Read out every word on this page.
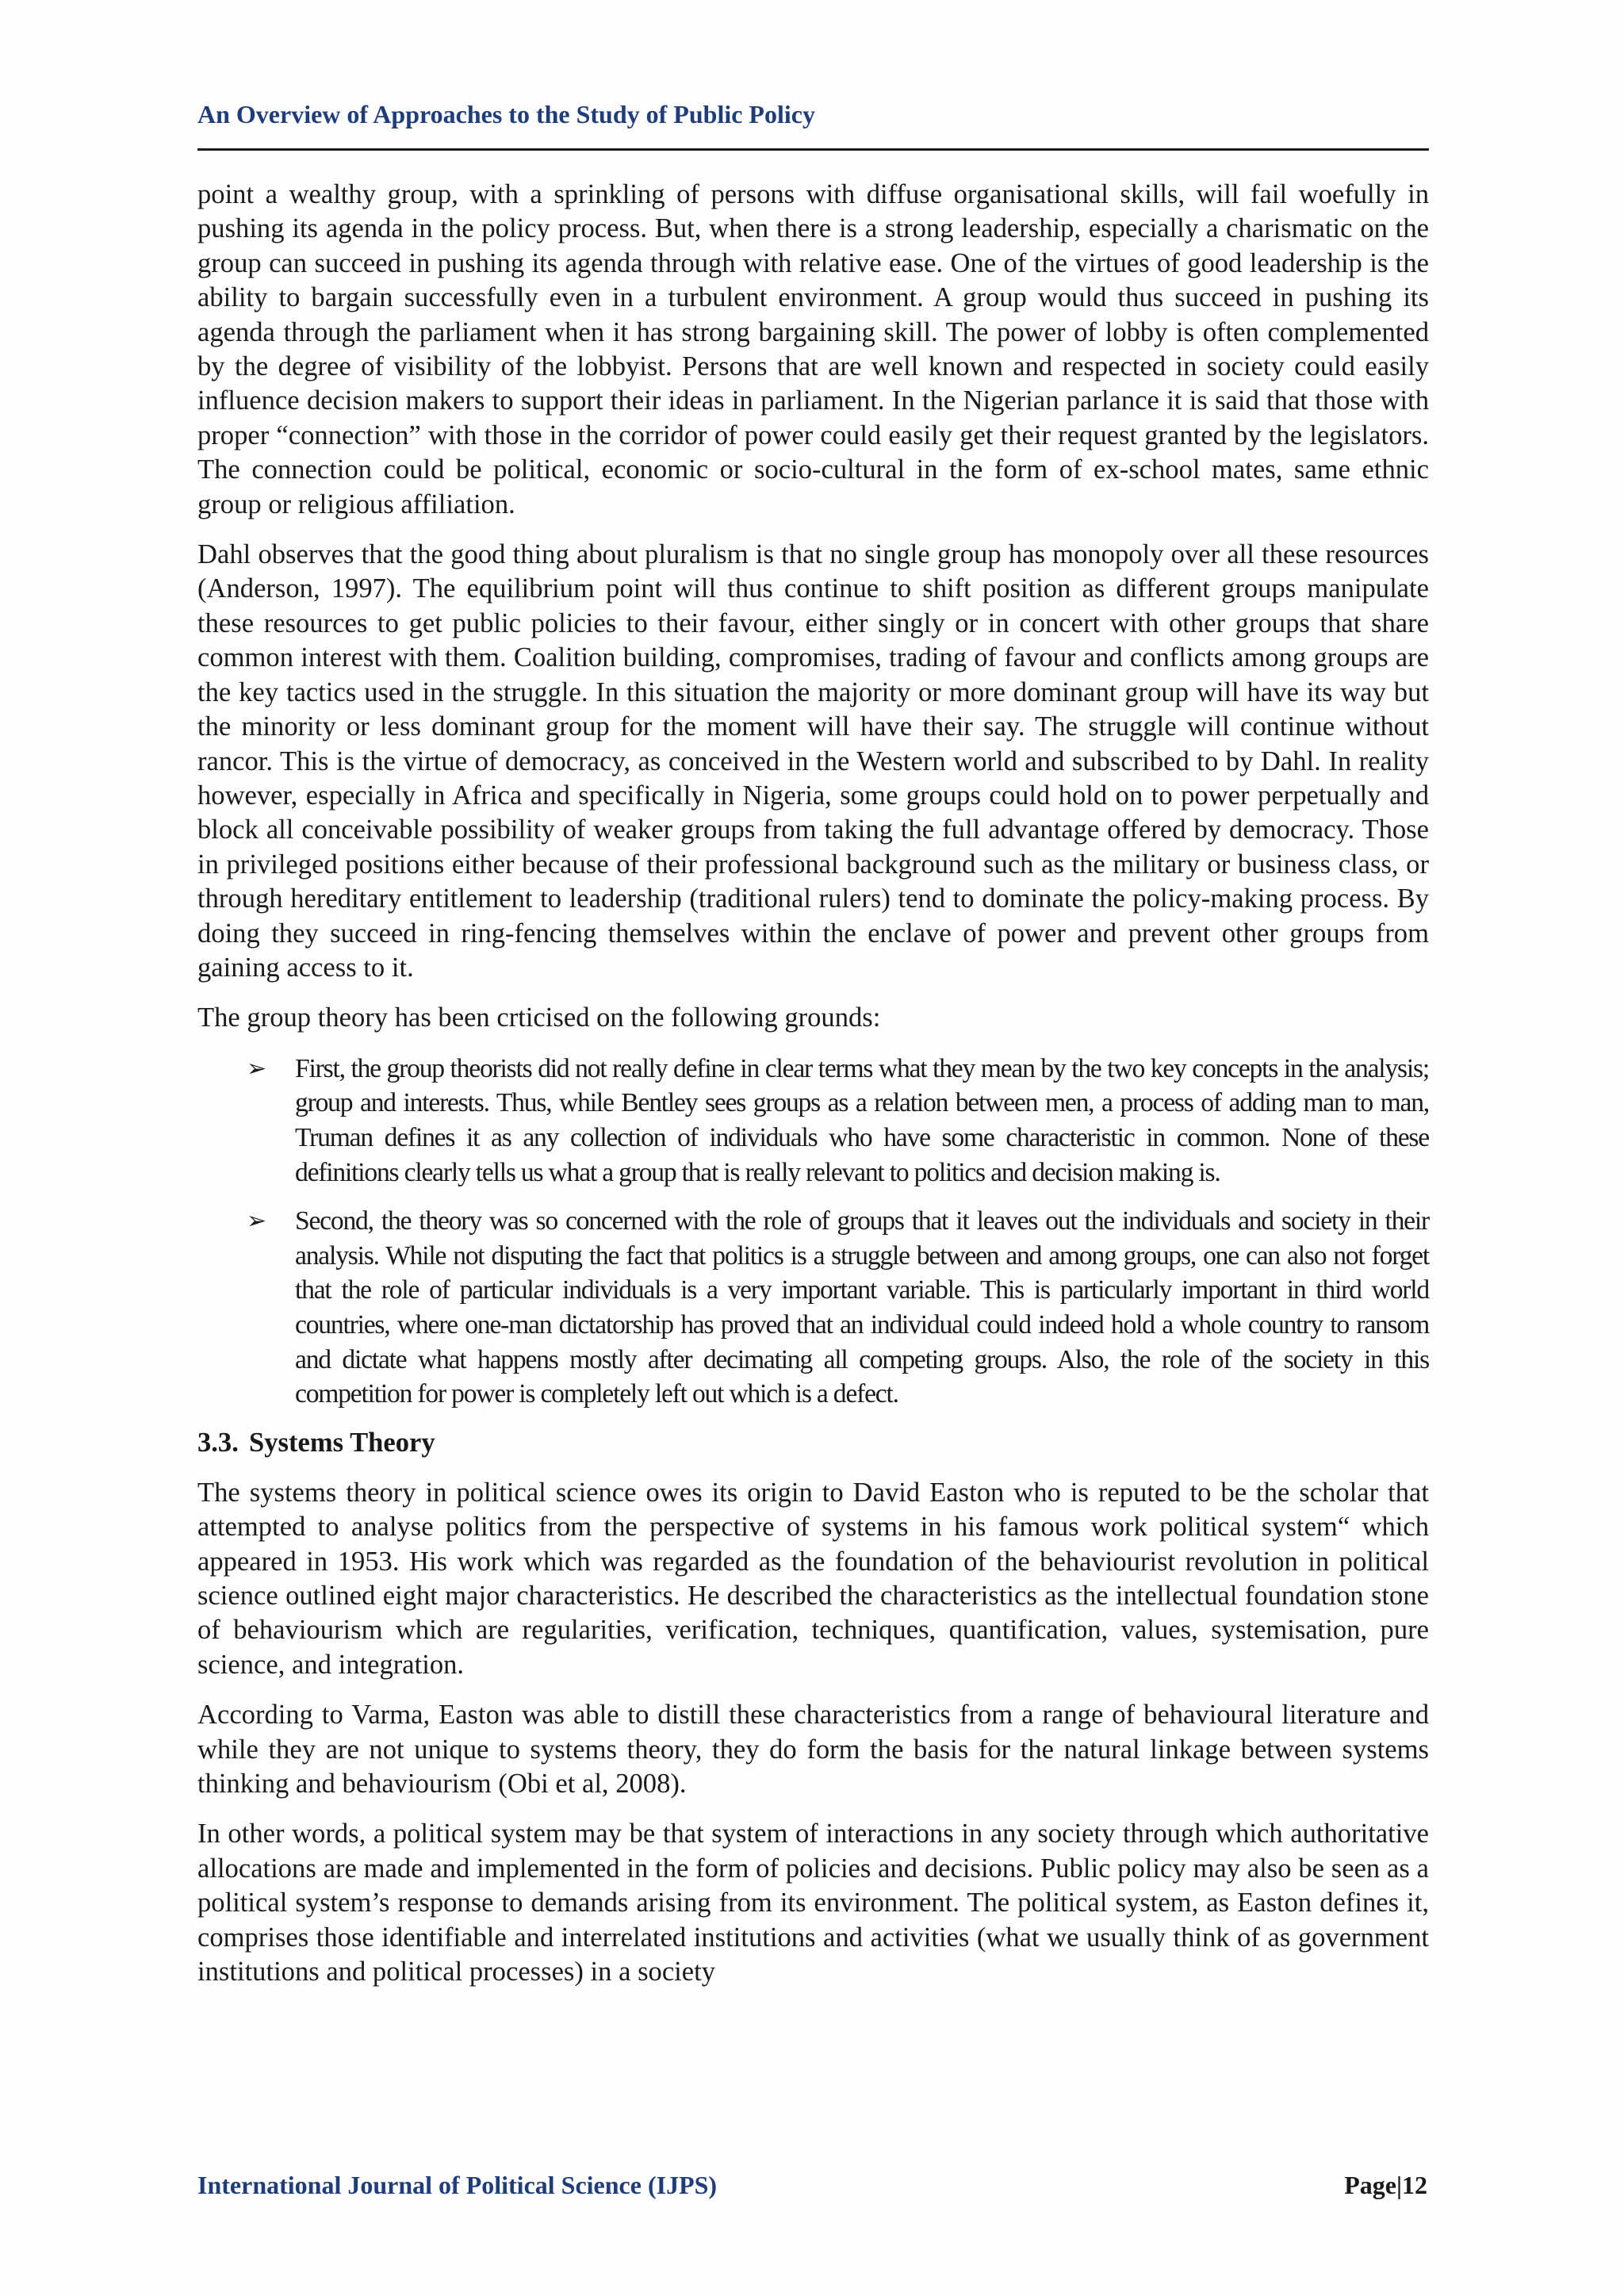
An Overview of Approaches to the Study of Public Policy

point a wealthy group, with a sprinkling of persons with diffuse organisational skills, will fail woefully in pushing its agenda in the policy process. But, when there is a strong leadership, especially a charismatic on the group can succeed in pushing its agenda through with relative ease. One of the virtues of good leadership is the ability to bargain successfully even in a turbulent environment. A group would thus succeed in pushing its agenda through the parliament when it has strong bargaining skill. The power of lobby is often complemented by the degree of visibility of the lobbyist. Persons that are well known and respected in society could easily influence decision makers to support their ideas in parliament. In the Nigerian parlance it is said that those with proper “connection” with those in the corridor of power could easily get their request granted by the legislators. The connection could be political, economic or socio-cultural in the form of ex-school mates, same ethnic group or religious affiliation.

Dahl observes that the good thing about pluralism is that no single group has monopoly over all these resources (Anderson, 1997). The equilibrium point will thus continue to shift position as different groups manipulate these resources to get public policies to their favour, either singly or in concert with other groups that share common interest with them. Coalition building, compromises, trading of favour and conflicts among groups are the key tactics used in the struggle. In this situation the majority or more dominant group will have its way but the minority or less dominant group for the moment will have their say. The struggle will continue without rancor. This is the virtue of democracy, as conceived in the Western world and subscribed to by Dahl. In reality however, especially in Africa and specifically in Nigeria, some groups could hold on to power perpetually and block all conceivable possibility of weaker groups from taking the full advantage offered by democracy. Those in privileged positions either because of their professional background such as the military or business class, or through hereditary entitlement to leadership (traditional rulers) tend to dominate the policy-making process. By doing they succeed in ring-fencing themselves within the enclave of power and prevent other groups from gaining access to it.

The group theory has been crticised on the following grounds:

➢ First, the group theorists did not really define in clear terms what they mean by the two key concepts in the analysis; group and interests. Thus, while Bentley sees groups as a relation between men, a process of adding man to man, Truman defines it as any collection of individuals who have some characteristic in common. None of these definitions clearly tells us what a group that is really relevant to politics and decision making is.
➢ Second, the theory was so concerned with the role of groups that it leaves out the individuals and society in their analysis. While not disputing the fact that politics is a struggle between and among groups, one can also not forget that the role of particular individuals is a very important variable. This is particularly important in third world countries, where one-man dictatorship has proved that an individual could indeed hold a whole country to ransom and dictate what happens mostly after decimating all competing groups. Also, the role of the society in this competition for power is completely left out which is a defect.
3.3. Systems Theory

The systems theory in political science owes its origin to David Easton who is reputed to be the scholar that attempted to analyse politics from the perspective of systems in his famous work political system“ which appeared in 1953. His work which was regarded as the foundation of the behaviourist revolution in political science outlined eight major characteristics. He described the characteristics as the intellectual foundation stone of behaviourism which are regularities, verification, techniques, quantification, values, systemisation, pure science, and integration.

According to Varma, Easton was able to distill these characteristics from a range of behavioural literature and while they are not unique to systems theory, they do form the basis for the natural linkage between systems thinking and behaviourism (Obi et al, 2008).

In other words, a political system may be that system of interactions in any society through which authoritative allocations are made and implemented in the form of policies and decisions. Public policy may also be seen as a political system’s response to demands arising from its environment. The political system, as Easton defines it, comprises those identifiable and interrelated institutions and activities (what we usually think of as government institutions and political processes) in a society

International Journal of Political Science (IJPS)	Page|12
